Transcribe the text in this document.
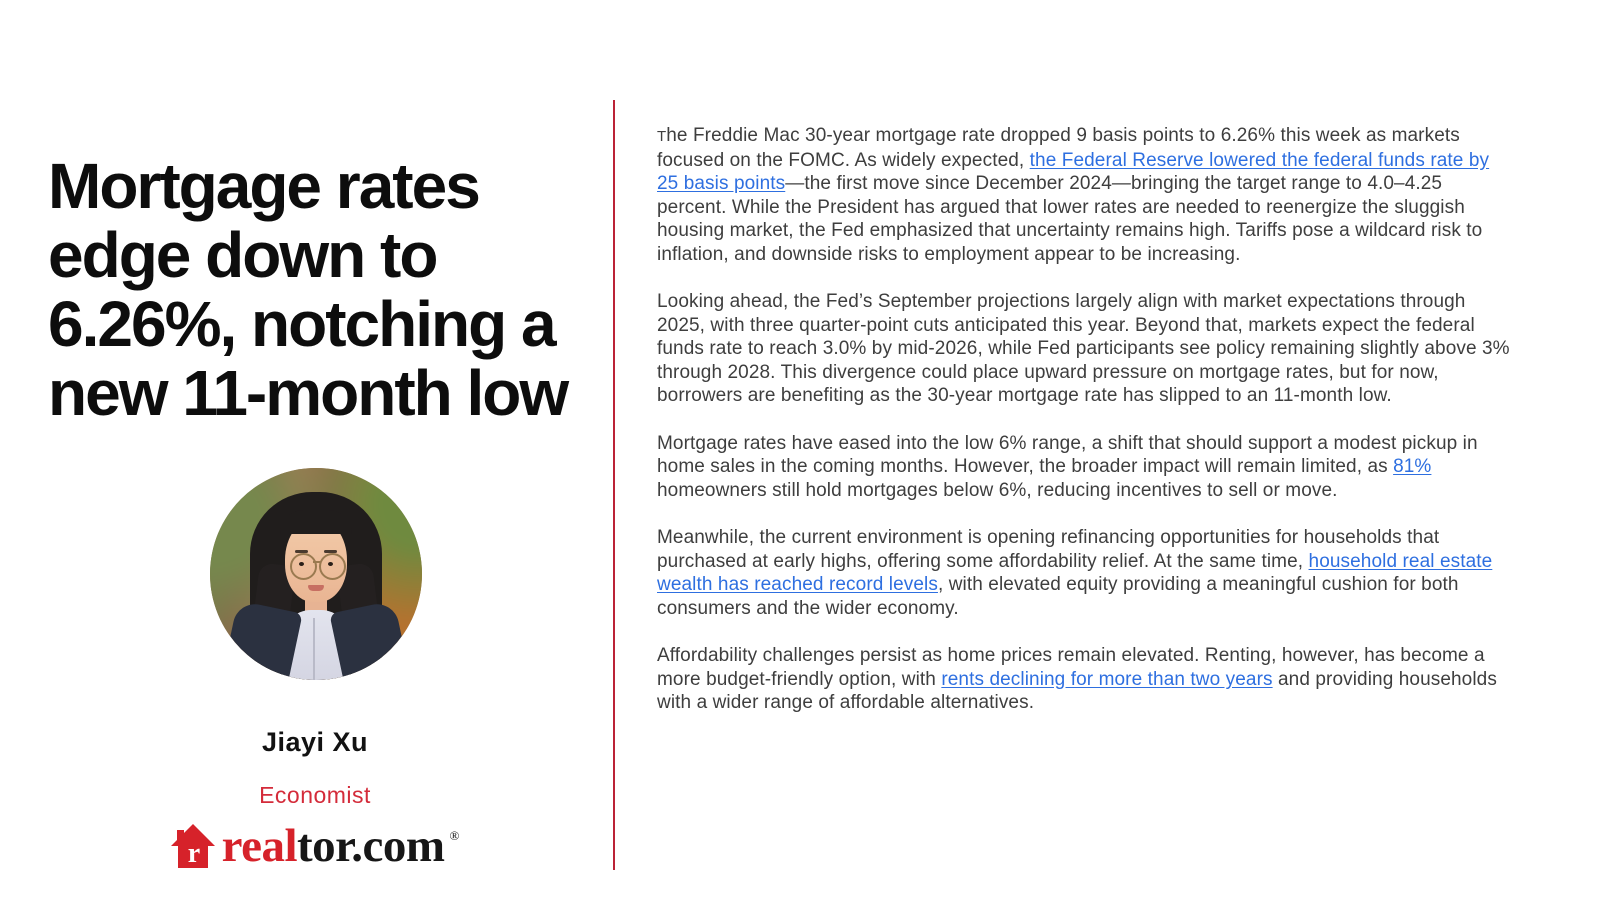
Mortgage rates
edge down to
6.26%, notching a
new 11-month low
Jiayi Xu
Economist
r realtor.com ®

The Freddie Mac 30-year mortgage rate dropped 9 basis points to 6.26% this week as markets focused on the FOMC. As widely expected, the Federal Reserve lowered the federal funds rate by 25 basis points—the first move since December 2024—bringing the target range to 4.0–4.25 percent. While the President has argued that lower rates are needed to reenergize the sluggish housing market, the Fed emphasized that uncertainty remains high. Tariffs pose a wildcard risk to inflation, and downside risks to employment appear to be increasing.

Looking ahead, the Fed’s September projections largely align with market expectations through 2025, with three quarter-point cuts anticipated this year. Beyond that, markets expect the federal funds rate to reach 3.0% by mid-2026, while Fed participants see policy remaining slightly above 3% through 2028. This divergence could place upward pressure on mortgage rates, but for now, borrowers are benefiting as the 30-year mortgage rate has slipped to an 11-month low.

Mortgage rates have eased into the low 6% range, a shift that should support a modest pickup in home sales in the coming months. However, the broader impact will remain limited, as 81% homeowners still hold mortgages below 6%, reducing incentives to sell or move.

Meanwhile, the current environment is opening refinancing opportunities for households that purchased at early highs, offering some affordability relief. At the same time, household real estate wealth has reached record levels, with elevated equity providing a meaningful cushion for both consumers and the wider economy.

Affordability challenges persist as home prices remain elevated. Renting, however, has become a more budget-friendly option, with rents declining for more than two years and providing households with a wider range of affordable alternatives.
